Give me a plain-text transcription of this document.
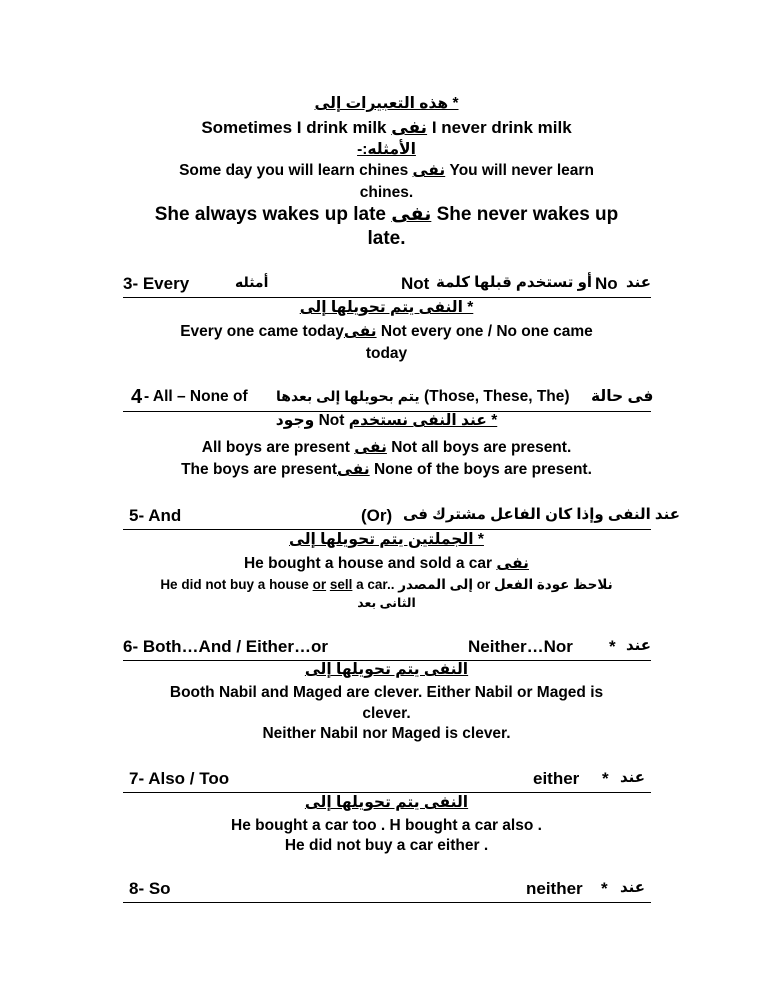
* هذه التعبيرات إلى
Sometimes I drink milk نفى I never drink milk
الأمثله:-
Some day you will learn chines نفى You will never learn
chines.
She always wakes up late نفى She never wakes up
late.
3- Every	أمثله	Not أو تستخدم قبلها كلمة No عند
* النفى يتم تحويلها إلى
Every one came todayنفى Not every one / No one came
today
4 - All – None of يتم بحويلها إلى بعدها (Those, These, The) فى حالة
وجود Not * عند النفى نستخدم
All boys are present نفى Not all boys are present.
The boys are presentنفى None of the boys are present.
5- And	(Or) عند النفى وإذا كان الفاعل مشترك فى
* الجملتين يتم تحويلها إلى
He bought a house and sold a car نفى
He did not buy a house or sell a car.. إلى المصدر or نلاحظ عودة الفعل
الثانى بعد
6- Both…And / Either…or	Neither…Nor * عند
النفى يتم تحويلها إلى
Booth Nabil and Maged are clever. Either Nabil or Maged is
clever.
Neither Nabil nor Maged is clever.
7- Also / Too	either * عند
النفى يتم تحويلها إلى
He bought a car too . H bought a car also .
He did not buy a car either .
8- So	neither * عند
